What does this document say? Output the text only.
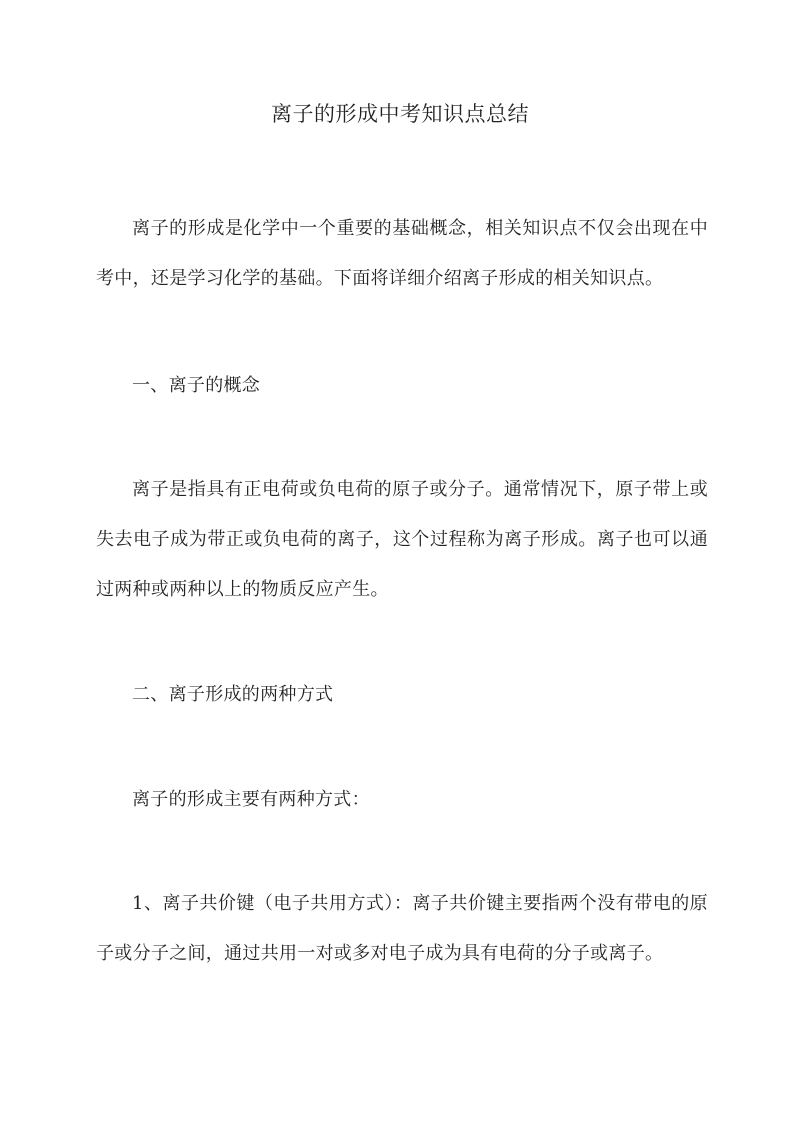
离子的形成中考知识点总结

离子的形成是化学中一个重要的基础概念，相关知识点不仅会出现在中考中，还是学习化学的基础。下面将详细介绍离子形成的相关知识点。

一、离子的概念

离子是指具有正电荷或负电荷的原子或分子。通常情况下，原子带上或失去电子成为带正或负电荷的离子，这个过程称为离子形成。离子也可以通过两种或两种以上的物质反应产生。

二、离子形成的两种方式

离子的形成主要有两种方式：

1、离子共价键（电子共用方式）：离子共价键主要指两个没有带电的原子或分子之间，通过共用一对或多对电子成为具有电荷的分子或离子。
